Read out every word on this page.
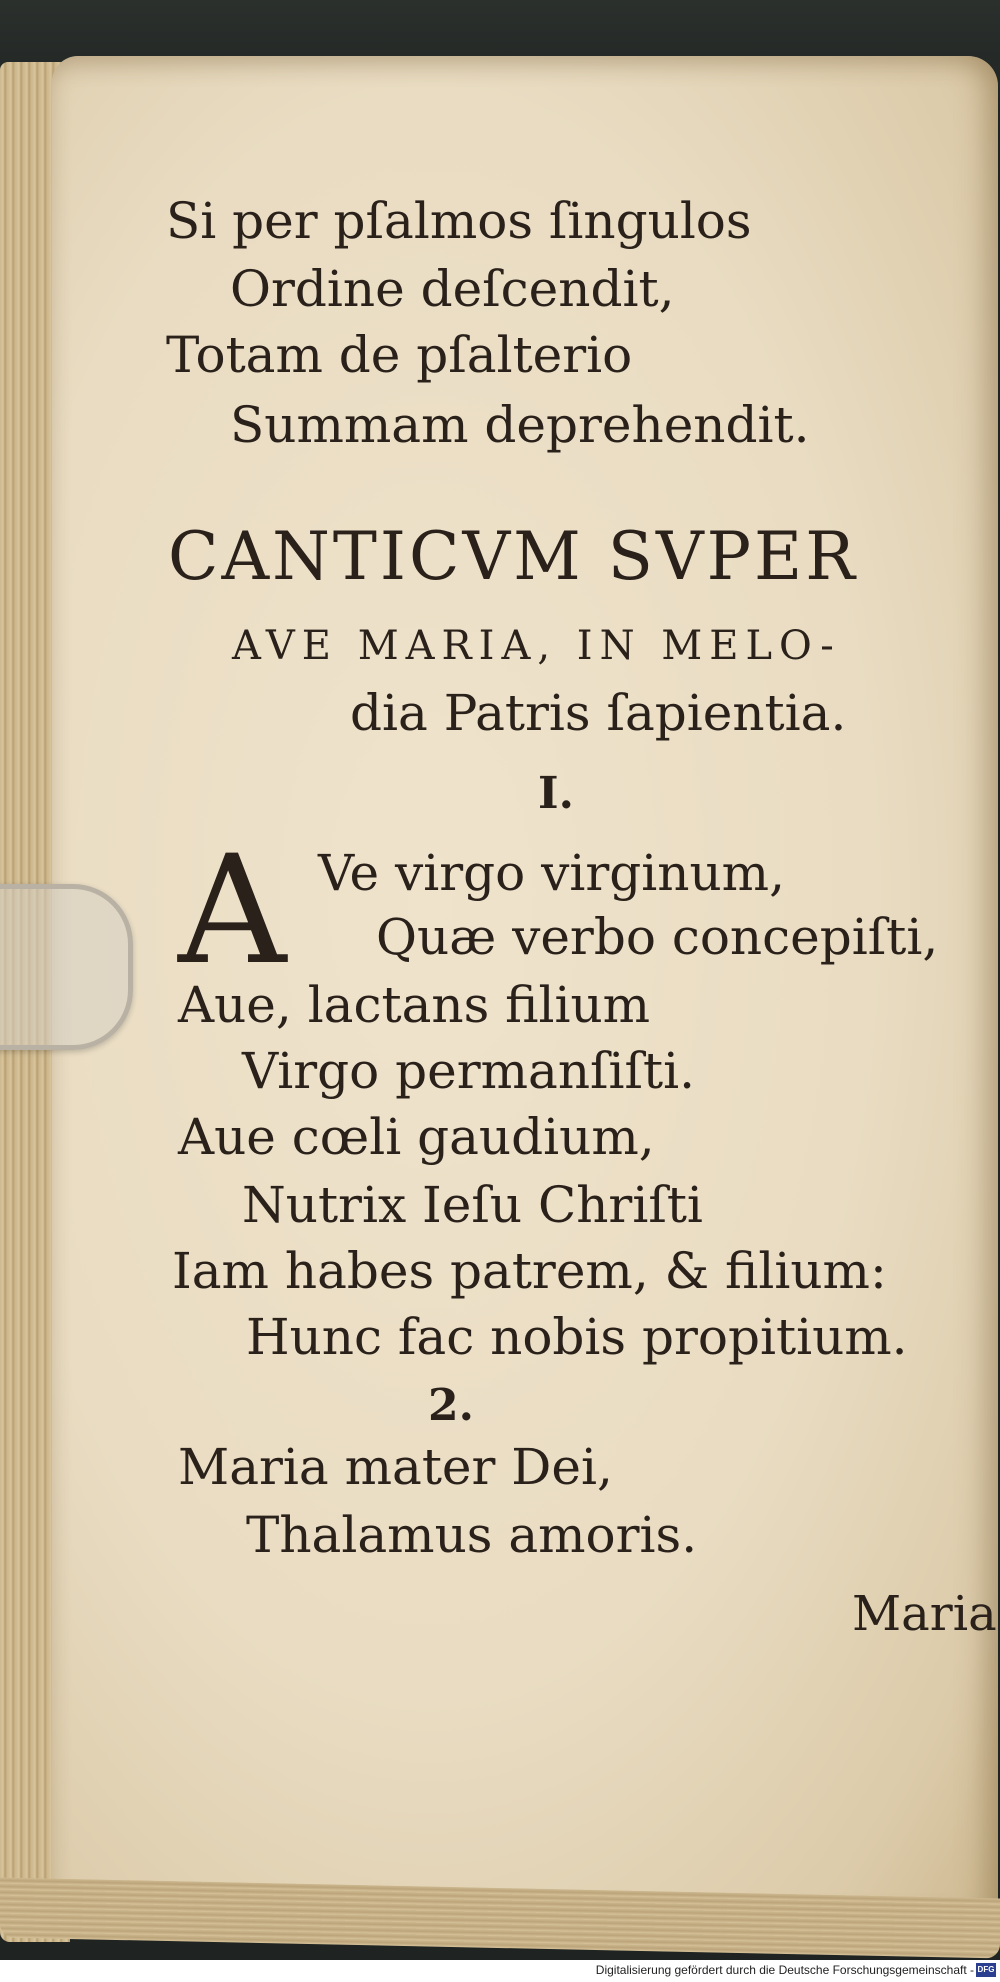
Si per pſalmos ſingulos
Ordine deſcendit,
Totam de pſalterio
Summam deprehendit.
CANTICVM SVPER
AVE MARIA, IN MELO-
dia Patris ſapientia.
I.
A Ve virgo virginum,
Quæ verbo concepiſti,
Aue, lactans filium
Virgo permanſiſti.
Aue cœli gaudium,
Nutrix Ieſu Chriſti
Iam habes patrem, & filium:
Hunc fac nobis propitium.
2.
Maria mater Dei,
Thalamus amoris.
Maria
Digitalisierung gefördert durch die Deutsche Forschungsgemeinschaft - DFG
